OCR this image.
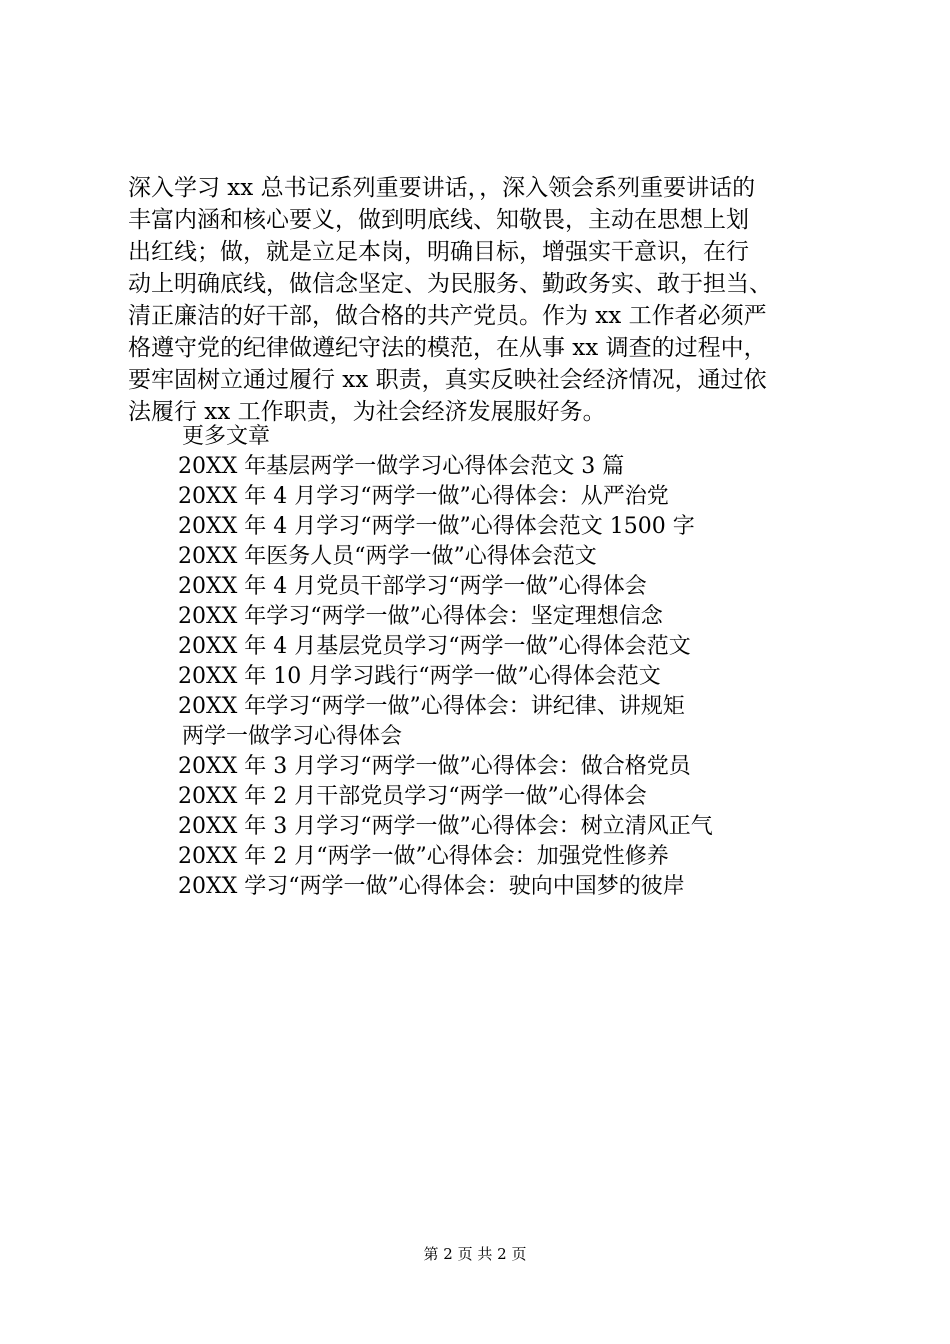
深入学习 xx 总书记系列重要讲话，，深入领会系列重要讲话的
丰富内涵和核心要义，做到明底线、知敬畏，主动在思想上划
出红线；做，就是立足本岗，明确目标，增强实干意识，在行
动上明确底线，做信念坚定、为民服务、勤政务实、敢于担当、
清正廉洁的好干部，做合格的共产党员。作为 xx 工作者必须严
格遵守党的纪律做遵纪守法的模范，在从事 xx 调查的过程中，
要牢固树立通过履行 xx 职责，真实反映社会经济情况，通过依
法履行 xx 工作职责，为社会经济发展服好务。
更多文章
20XX 年基层两学一做学习心得体会范文 3 篇
20XX 年 4 月学习“两学一做”心得体会：从严治党
20XX 年 4 月学习“两学一做”心得体会范文 1500 字
20XX 年医务人员“两学一做”心得体会范文
20XX 年 4 月党员干部学习“两学一做”心得体会
20XX 年学习“两学一做”心得体会：坚定理想信念
20XX 年 4 月基层党员学习“两学一做”心得体会范文
20XX 年 10 月学习践行“两学一做”心得体会范文
20XX 年学习“两学一做”心得体会：讲纪律、讲规矩
两学一做学习心得体会
20XX 年 3 月学习“两学一做”心得体会：做合格党员
20XX 年 2 月干部党员学习“两学一做”心得体会
20XX 年 3 月学习“两学一做”心得体会：树立清风正气
20XX 年 2 月“两学一做”心得体会：加强党性修养
20XX 学习“两学一做”心得体会：驶向中国梦的彼岸
第 2 页 共 2 页
